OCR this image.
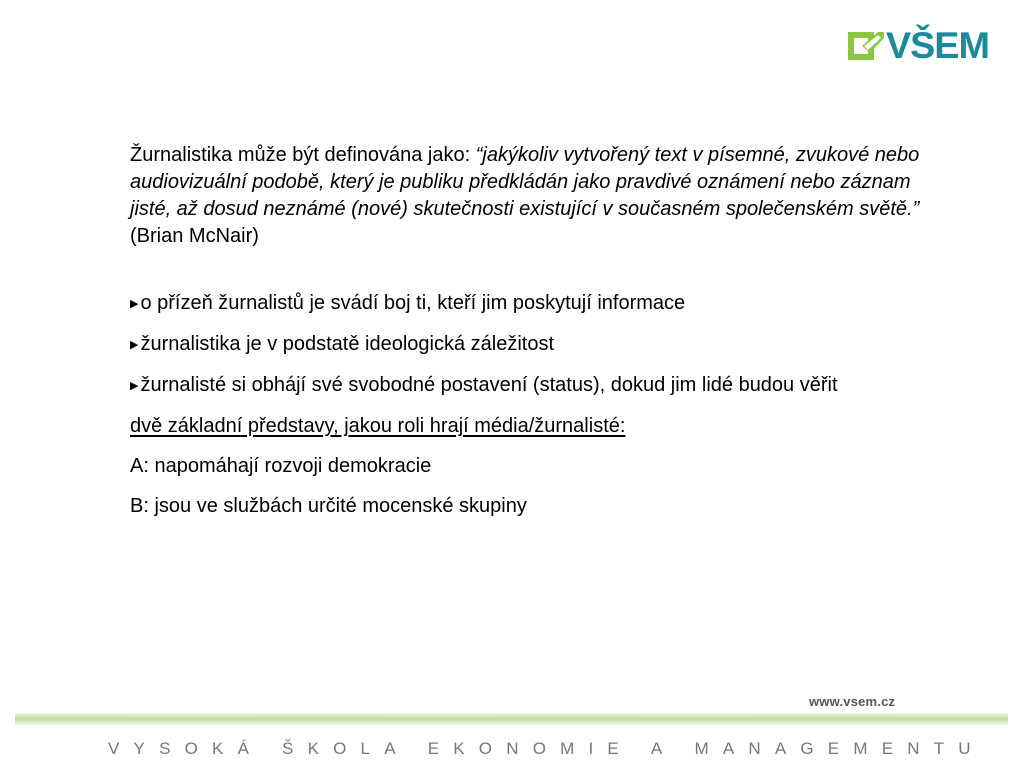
VŠEM

Žurnalistika může být definována jako: “jakýkoliv vytvořený text v písemné, zvukové nebo audiovizuální podobě, který je publiku předkládán jako pravdivé oznámení nebo záznam jisté, až dosud neznámé (nové) skutečnosti existující v současném společenském světě.” (Brian McNair)

▶ o přízeň žurnalistů je svádí boj ti, kteří jim poskytují informace

▶ žurnalistika je v podstatě ideologická záležitost

▶ žurnalisté si obhájí své svobodné postavení (status), dokud jim lidé budou věřit

dvě základní představy, jakou roli hrají média/žurnalisté:

A: napomáhají rozvoji demokracie

B: jsou ve službách určité mocenské skupiny

www.vsem.cz
VYSOKÁ ŠKOLA EKONOMIE A MANAGEMENTU
